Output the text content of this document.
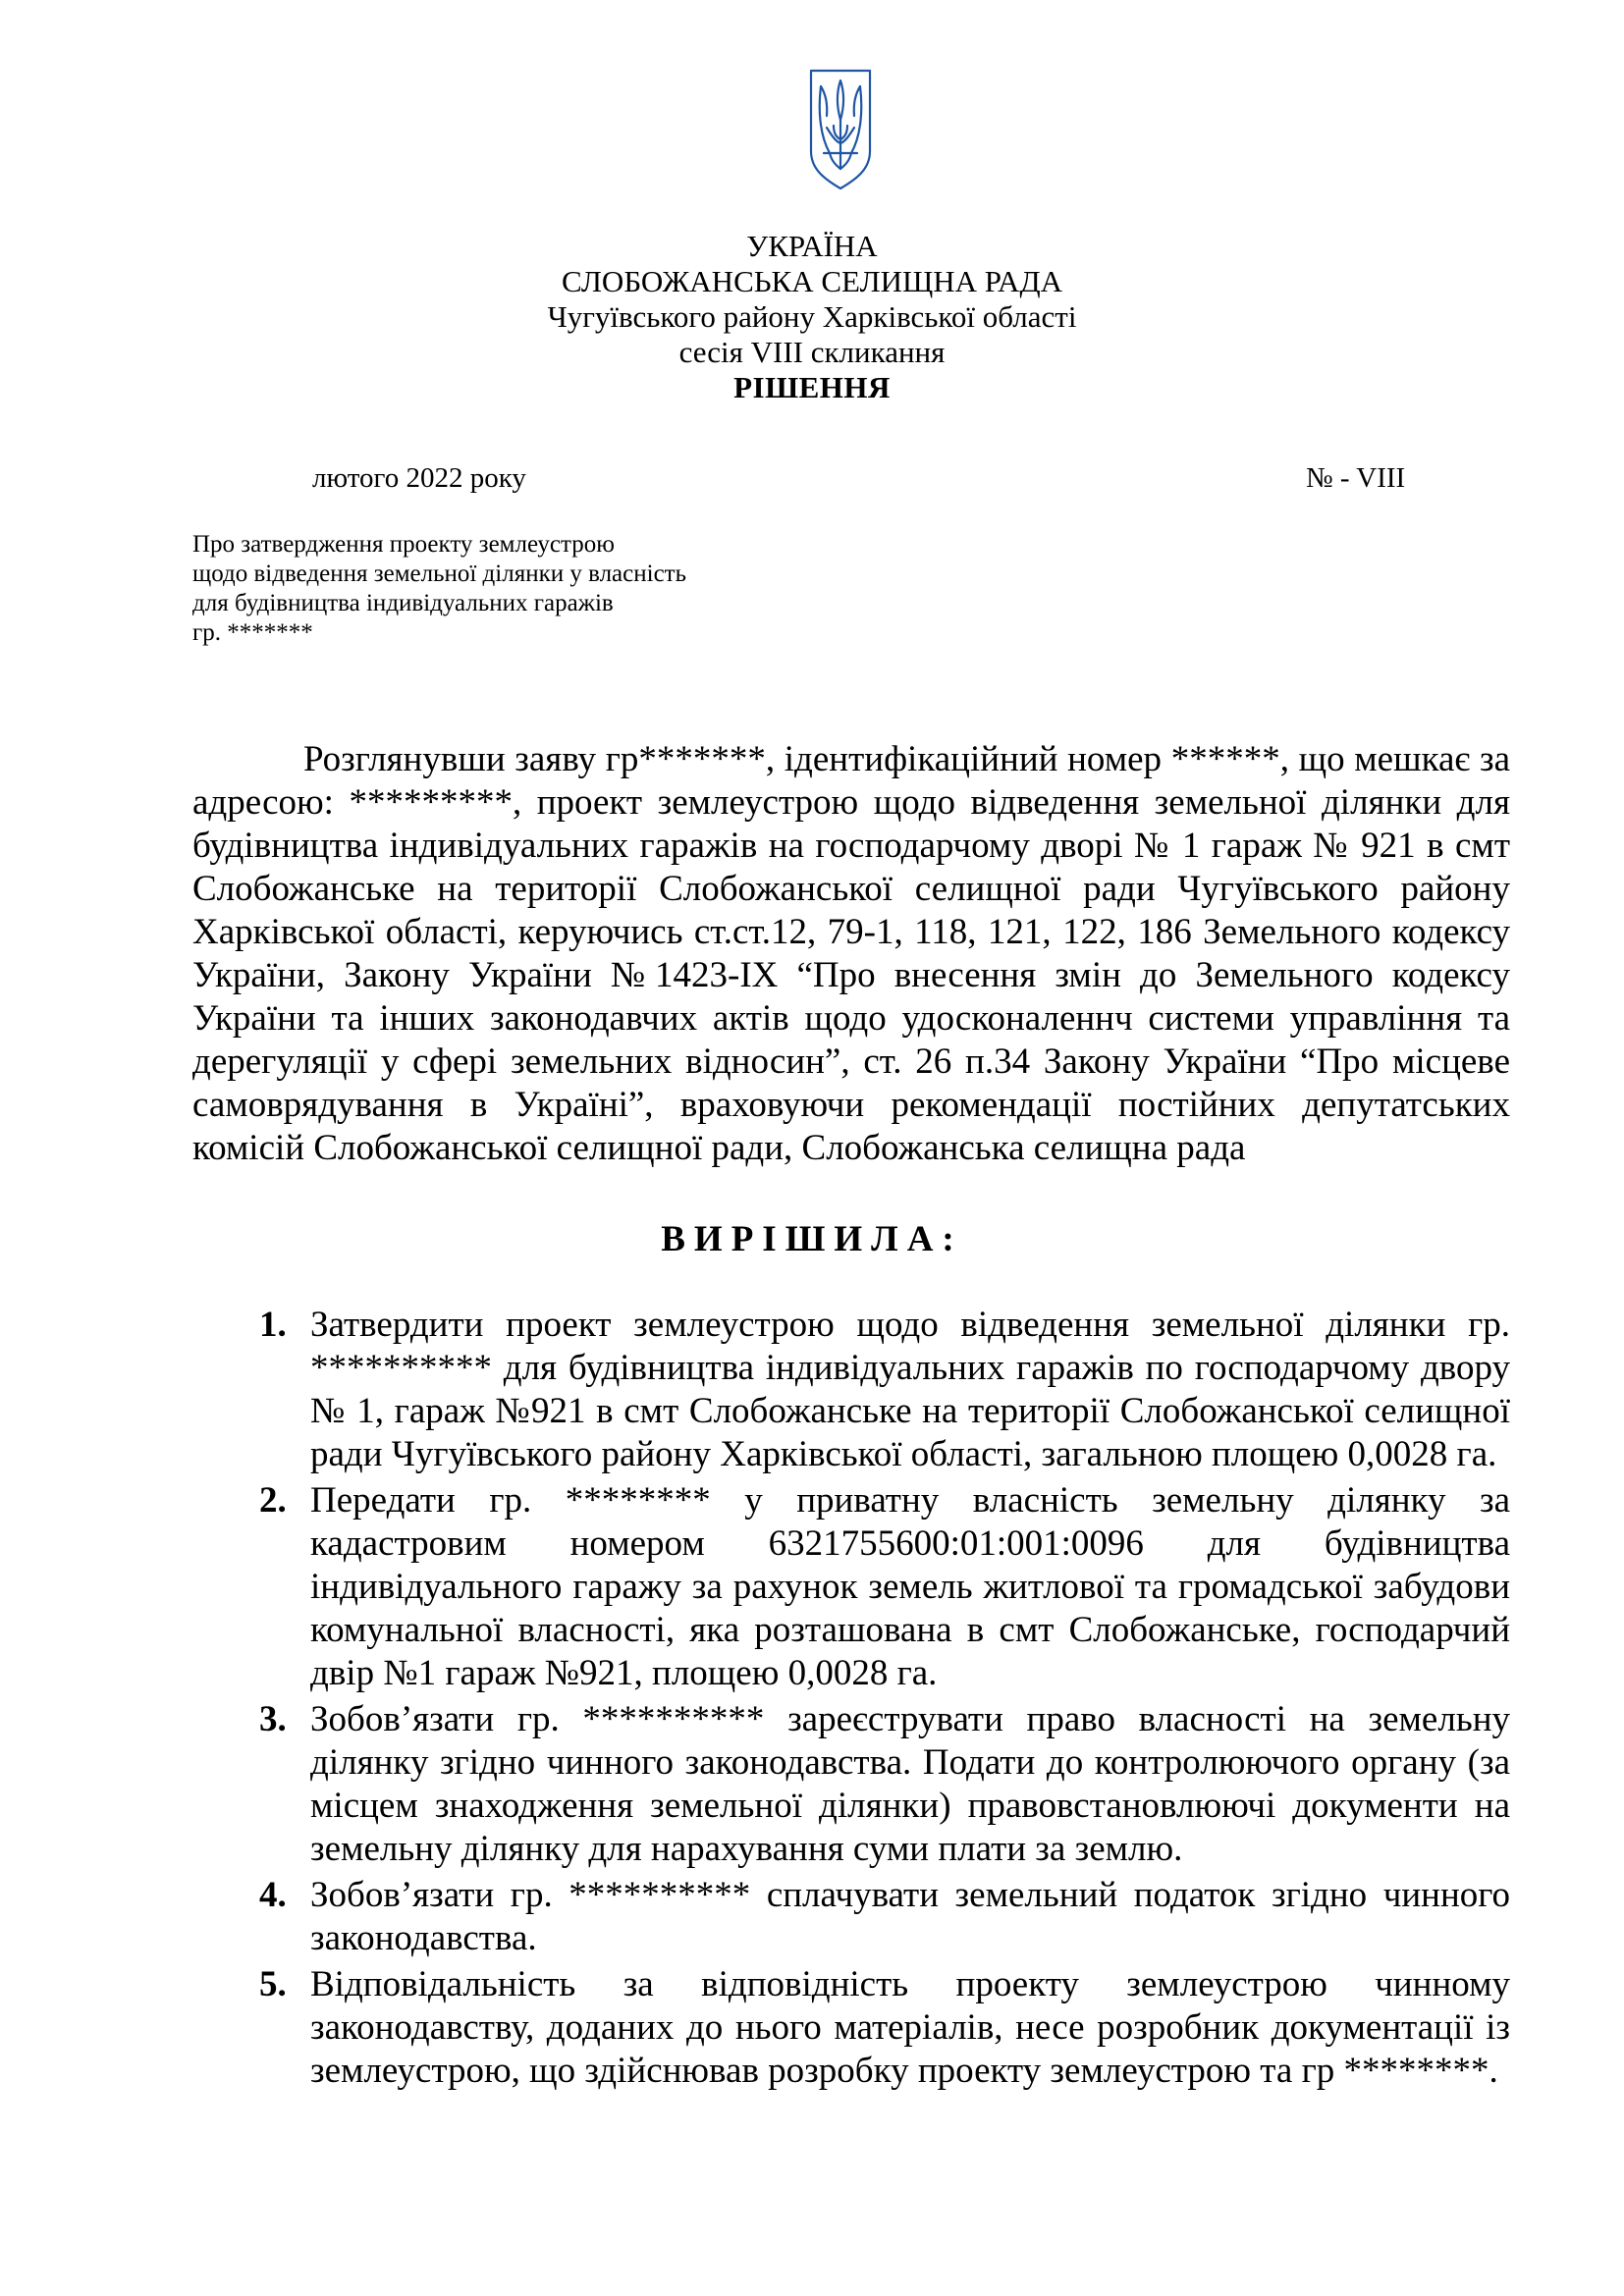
УКРАЇНА
СЛОБОЖАНСЬКА СЕЛИЩНА РАДА
Чугуївського району Харківської області
сесія VIII скликання
РІШЕННЯ
лютого 2022 року	№ - VIII
Про затвердження проекту землеустрою
щодо відведення земельної ділянки у власність
для будівництва індивідуальних гаражів
гр. *******

Розглянувши заяву гр*******, ідентифікаційний номер ******, що мешкає за адресою: *********, проект землеустрою щодо відведення земельної ділянки для будівництва індивідуальних гаражів на господарчому дворі № 1 гараж № 921 в смт Слобожанське на території Слобожанської селищної ради Чугуївського району Харківської області, керуючись ст.ст.12, 79-1, 118, 121, 122, 186 Земельного кодексу України, Закону України №1423-IX “Про внесення змін до Земельного кодексу України та інших законодавчих актів щодо удосконаленнч системи управління та дерегуляції у сфері земельних відносин”, ст. 26 п.34 Закону України “Про місцеве самоврядування в Україні”, враховуючи рекомендації постійних депутатських комісій Слобожанської селищної ради, Слобожанська селищна рада

ВИРІШИЛА:
1. Затвердити проект землеустрою щодо відведення земельної ділянки гр. ********** для будівництва індивідуальних гаражів по господарчому двору № 1, гараж №921 в смт Слобожанське на території Слобожанської селищної ради Чугуївського району Харківської області, загальною площею 0,0028 га.
2. Передати гр. ******** у приватну власність земельну ділянку за кадастровим номером 6321755600:01:001:0096 для будівництва індивідуального гаражу за рахунок земель житлової та громадської забудови комунальної власності, яка розташована в смт Слобожанське, господарчий двір №1 гараж №921, площею 0,0028 га.
3. Зобов’язати гр. ********** зареєструвати право власності на земельну ділянку згідно чинного законодавства. Подати до контролюючого органу (за місцем знаходження земельної ділянки) правовстановлюючі документи на земельну ділянку для нарахування суми плати за землю.
4. Зобов’язати гр. ********** сплачувати земельний податок згідно чинного законодавства.
5. Відповідальність за відповідність проекту землеустрою чинному законодавству, доданих до нього матеріалів, несе розробник документації із землеустрою, що здійснював розробку проекту землеустрою та гр ********.
